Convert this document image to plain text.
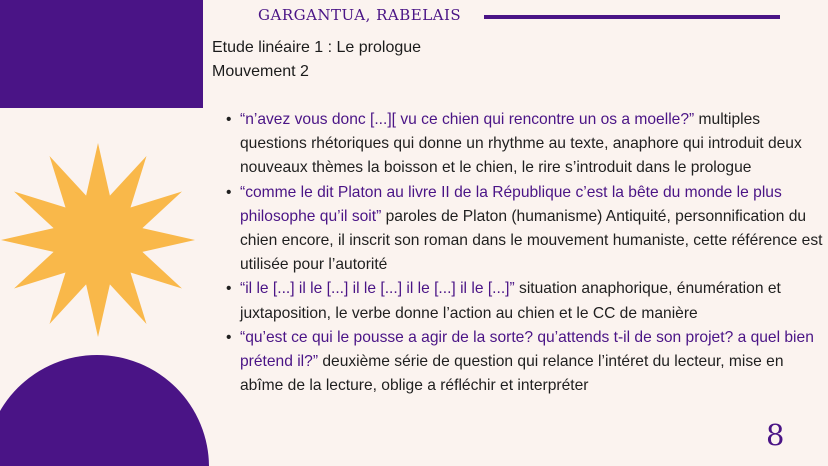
GARGANTUA, RABELAIS
Etude linéaire 1 : Le prologue
Mouvement 2
• “n’avez vous donc [...][ vu ce chien qui rencontre un os a moelle?” multiples questions rhétoriques qui donne un rhythme au texte, anaphore qui introduit deux nouveaux thèmes la boisson et le chien, le rire s’introduit dans le prologue
• “comme le dit Platon au livre II de la République c’est la bête du monde le plus philosophe qu’il soit” paroles de Platon (humanisme) Antiquité, personnification du chien encore, il inscrit son roman dans le mouvement humaniste, cette référence est utilisée pour l’autorité
• “il le [...] il le [...] il le [...] il le [...] il le [...]” situation anaphorique, énumération et juxtaposition, le verbe donne l’action au chien et le CC de manière
• “qu’est ce qui le pousse a agir de la sorte? qu’attends t-il de son projet? a quel bien prétend il?” deuxième série de question qui relance l’intéret du lecteur, mise en abîme de la lecture, oblige a réfléchir et interpréter
8
